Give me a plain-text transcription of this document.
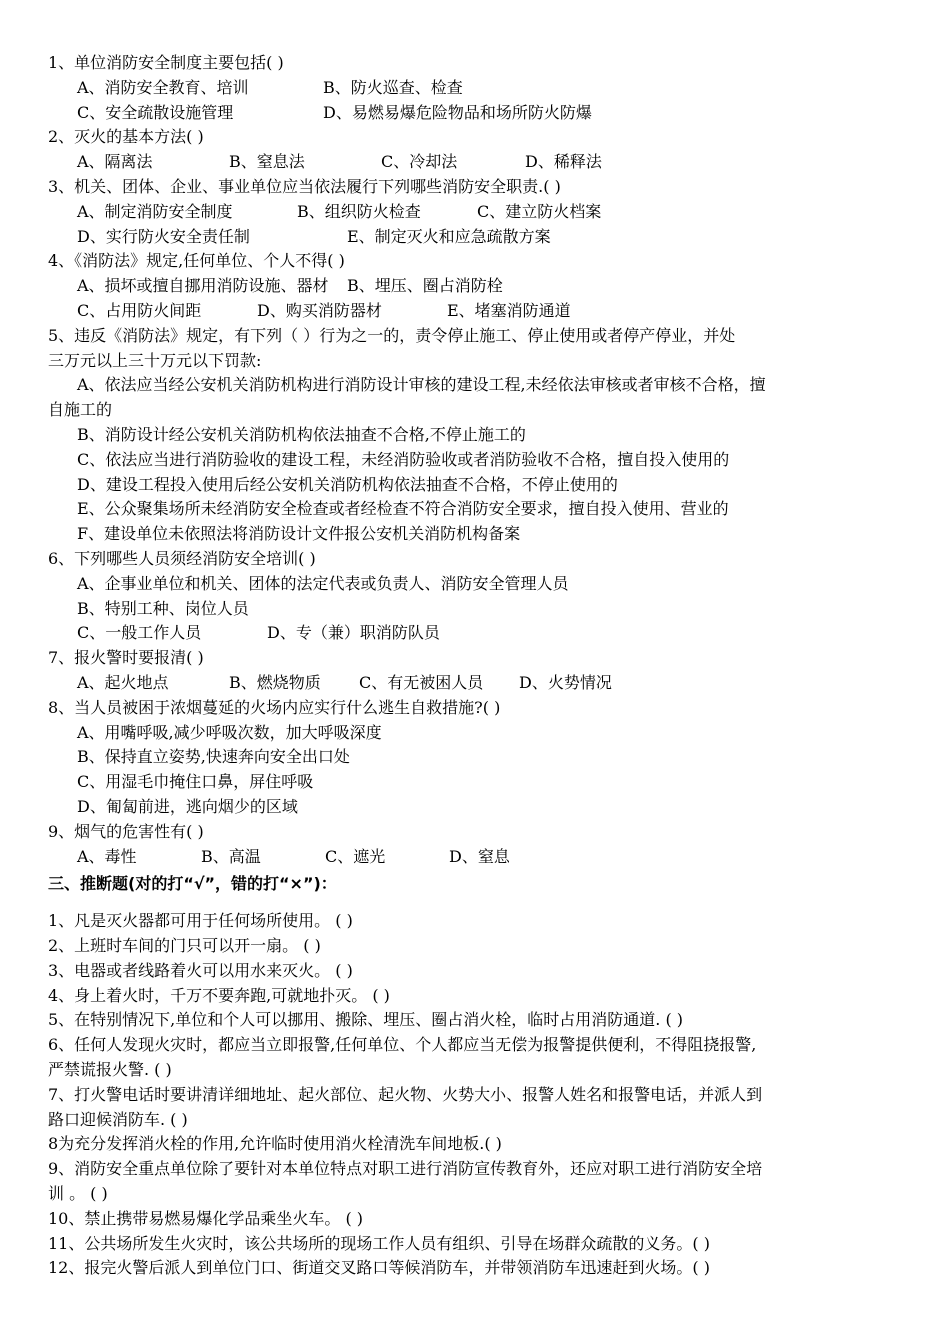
1、单位消防安全制度主要包括( )
A、消防安全教育、培训	B、防火巡查、检查
C、安全疏散设施管理	D、易燃易爆危险物品和场所防火防爆
2、灭火的基本方法( )
A、隔离法	B、窒息法	C、冷却法	D、稀释法
3、机关、团体、企业、事业单位应当依法履行下列哪些消防安全职责.( )
A、制定消防安全制度	B、组织防火检查	C、建立防火档案
D、实行防火安全责任制	E、制定灭火和应急疏散方案
4、《消防法》规定,任何单位、个人不得( )
A、损坏或擅自挪用消防设施、器材 B、埋压、圈占消防栓
C、占用防火间距	D、购买消防器材	E、堵塞消防通道
5、违反《消防法》规定，有下列（ ）行为之一的，责令停止施工、停止使用或者停产停业，并处
三万元以上三十万元以下罚款:
A、依法应当经公安机关消防机构进行消防设计审核的建设工程,未经依法审核或者审核不合格，擅
自施工的
B、消防设计经公安机关消防机构依法抽查不合格,不停止施工的
C、依法应当进行消防验收的建设工程，未经消防验收或者消防验收不合格，擅自投入使用的
D、建设工程投入使用后经公安机关消防机构依法抽查不合格，不停止使用的
E、公众聚集场所未经消防安全检查或者经检查不符合消防安全要求，擅自投入使用、营业的
F、建设单位未依照法将消防设计文件报公安机关消防机构备案
6、下列哪些人员须经消防安全培训( )
A、企事业单位和机关、团体的法定代表或负责人、消防安全管理人员
B、特别工种、岗位人员
C、一般工作人员	D、专（兼）职消防队员
7、报火警时要报清( )
A、起火地点	B、燃烧物质 C、有无被困人员 D、火势情况
8、当人员被困于浓烟蔓延的火场内应实行什么逃生自救措施?( )
A、用嘴呼吸,减少呼吸次数，加大呼吸深度
B、保持直立姿势,快速奔向安全出口处
C、用湿毛巾掩住口鼻，屏住呼吸
D、匍匐前进，逃向烟少的区域
9、烟气的危害性有( )
A、毒性	B、高温	C、遮光	D、窒息
三、推断题(对的打“√”，错的打“×”)：
1、凡是灭火器都可用于任何场所使用。 ( )
2、上班时车间的门只可以开一扇。 ( )
3、电器或者线路着火可以用水来灭火。 ( )
4、身上着火时，千万不要奔跑,可就地扑灭。 ( )
5、在特别情况下,单位和个人可以挪用、搬除、埋压、圈占消火栓，临时占用消防通道. ( )
6、任何人发现火灾时，都应当立即报警,任何单位、个人都应当无偿为报警提供便利，不得阻挠报警,
严禁谎报火警. ( )
7、打火警电话时要讲清详细地址、起火部位、起火物、火势大小、报警人姓名和报警电话，并派人到
路口迎候消防车. ( )
8为充分发挥消火栓的作用,允许临时使用消火栓清洗车间地板.( )
9、消防安全重点单位除了要针对本单位特点对职工进行消防宣传教育外，还应对职工进行消防安全培
训 。 ( )
10、禁止携带易燃易爆化学品乘坐火车。 ( )
11、公共场所发生火灾时，该公共场所的现场工作人员有组织、引导在场群众疏散的义务。( )
12、报完火警后派人到单位门口、街道交叉路口等候消防车，并带领消防车迅速赶到火场。( )
